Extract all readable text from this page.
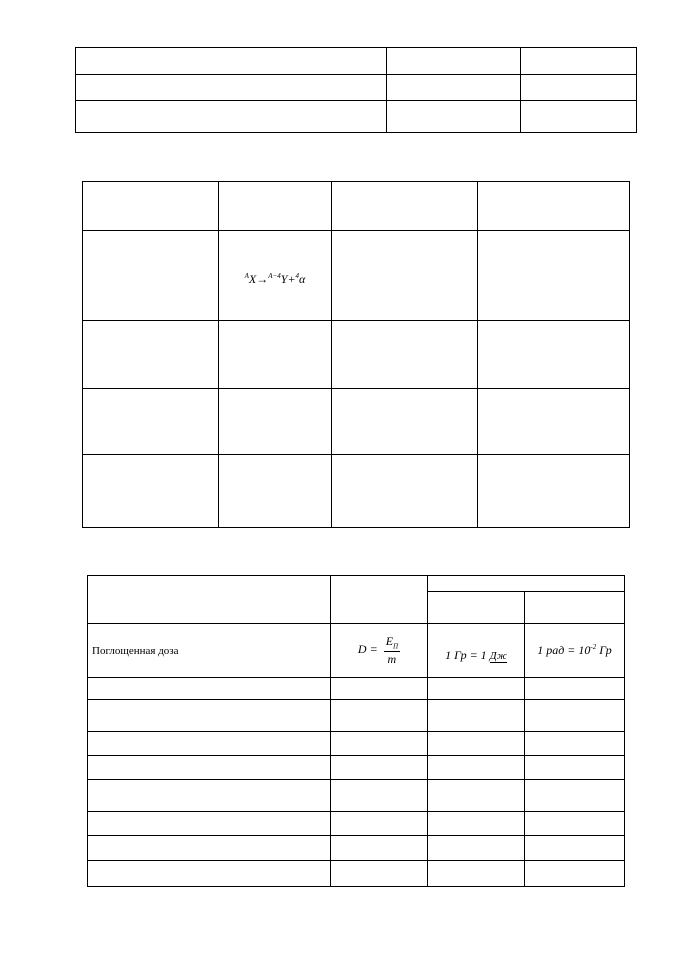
	$^A$X→$^{A-4}$Y+$^4$α		

Поглощенная доза	$D = \frac{E_П}{m}$	1 Гр = 1 Дж	1 рад = $10^{-2}$ Гр
